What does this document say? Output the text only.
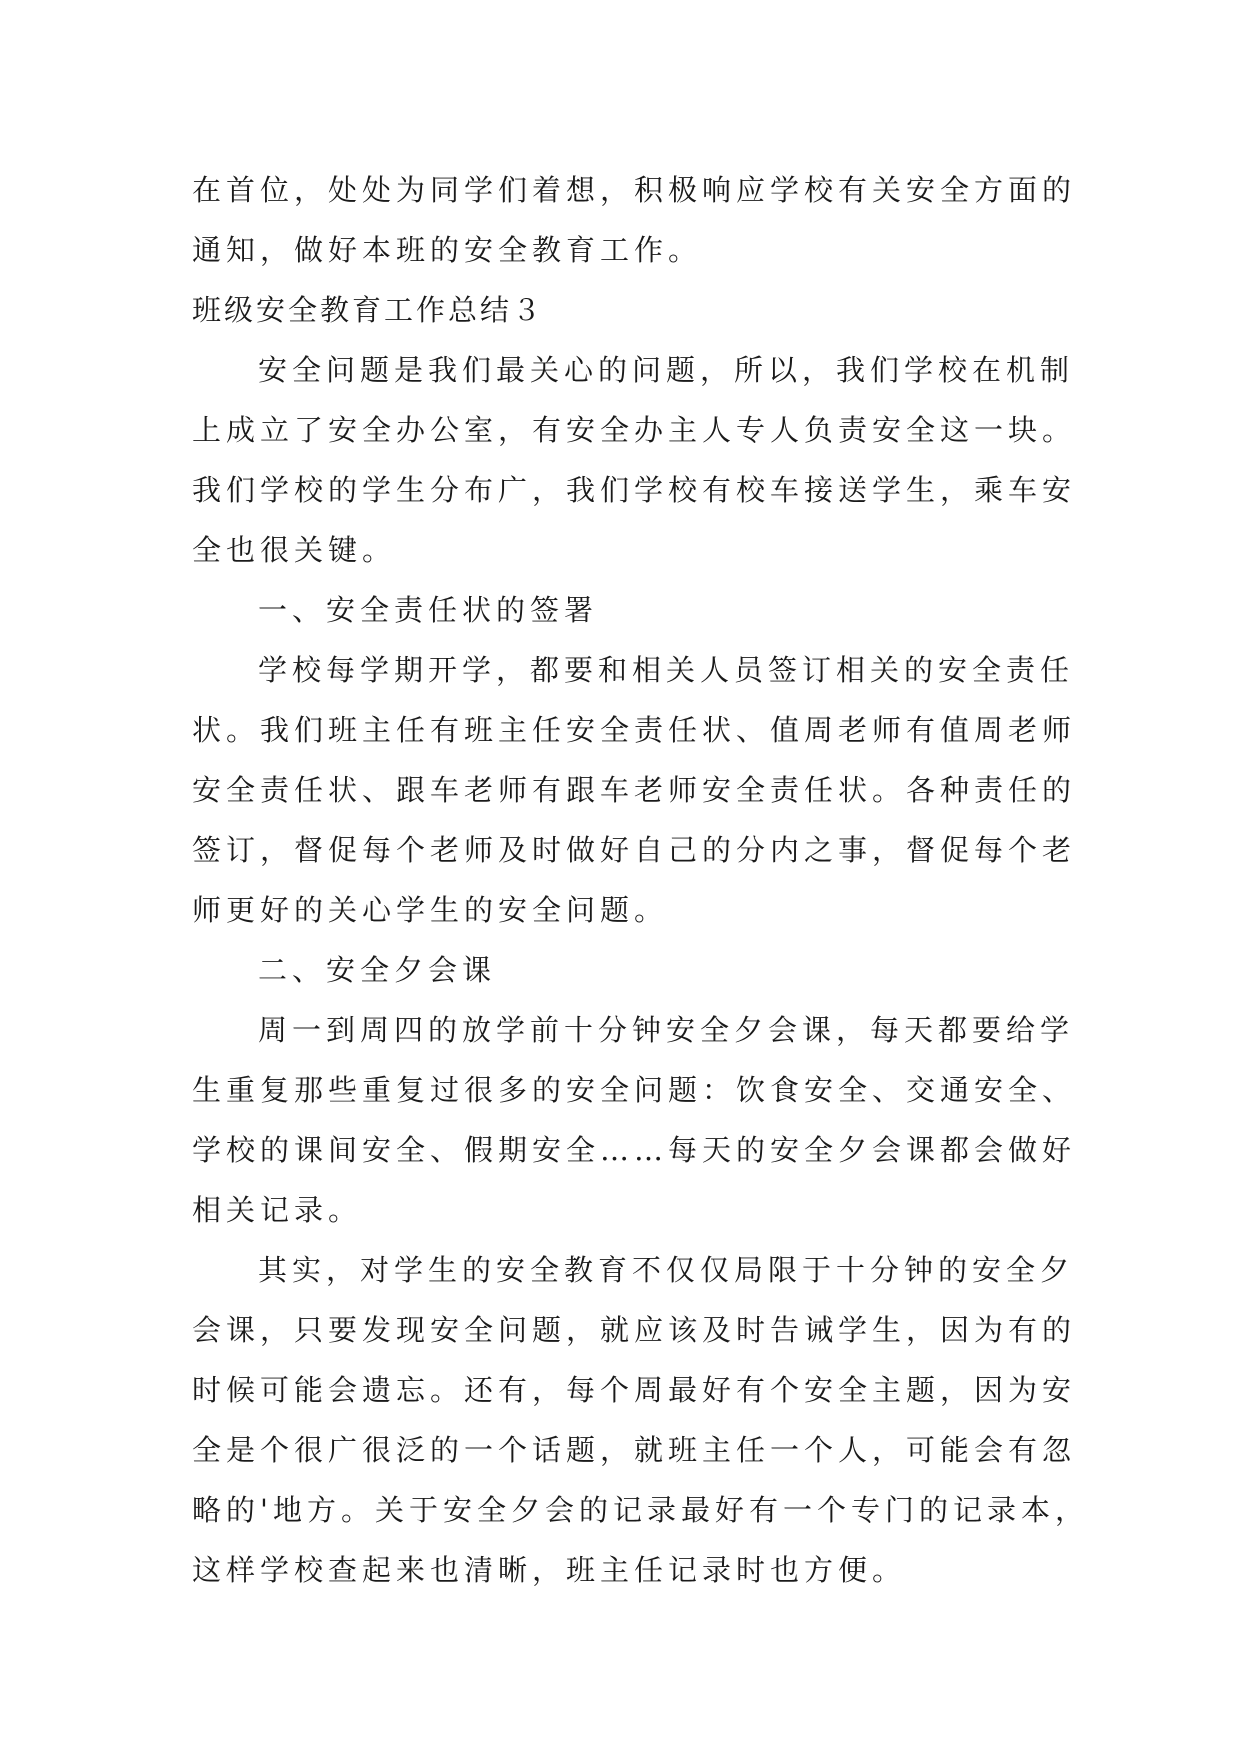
在首位，处处为同学们着想，积极响应学校有关安全方面的
通知，做好本班的安全教育工作。
班级安全教育工作总结３
安全问题是我们最关心的问题，所以，我们学校在机制
上成立了安全办公室，有安全办主人专人负责安全这一块。
我们学校的学生分布广，我们学校有校车接送学生，乘车安
全也很关键。
一、安全责任状的签署
学校每学期开学，都要和相关人员签订相关的安全责任
状。我们班主任有班主任安全责任状、值周老师有值周老师
安全责任状、跟车老师有跟车老师安全责任状。各种责任的
签订，督促每个老师及时做好自己的分内之事，督促每个老
师更好的关心学生的安全问题。
二、安全夕会课
周一到周四的放学前十分钟安全夕会课，每天都要给学
生重复那些重复过很多的安全问题：饮食安全、交通安全、
学校的课间安全、假期安全……每天的安全夕会课都会做好
相关记录。
其实，对学生的安全教育不仅仅局限于十分钟的安全夕
会课，只要发现安全问题，就应该及时告诫学生，因为有的
时候可能会遗忘。还有，每个周最好有个安全主题，因为安
全是个很广很泛的一个话题，就班主任一个人，可能会有忽
略的'地方。关于安全夕会的记录最好有一个专门的记录本，
这样学校查起来也清晰，班主任记录时也方便。
